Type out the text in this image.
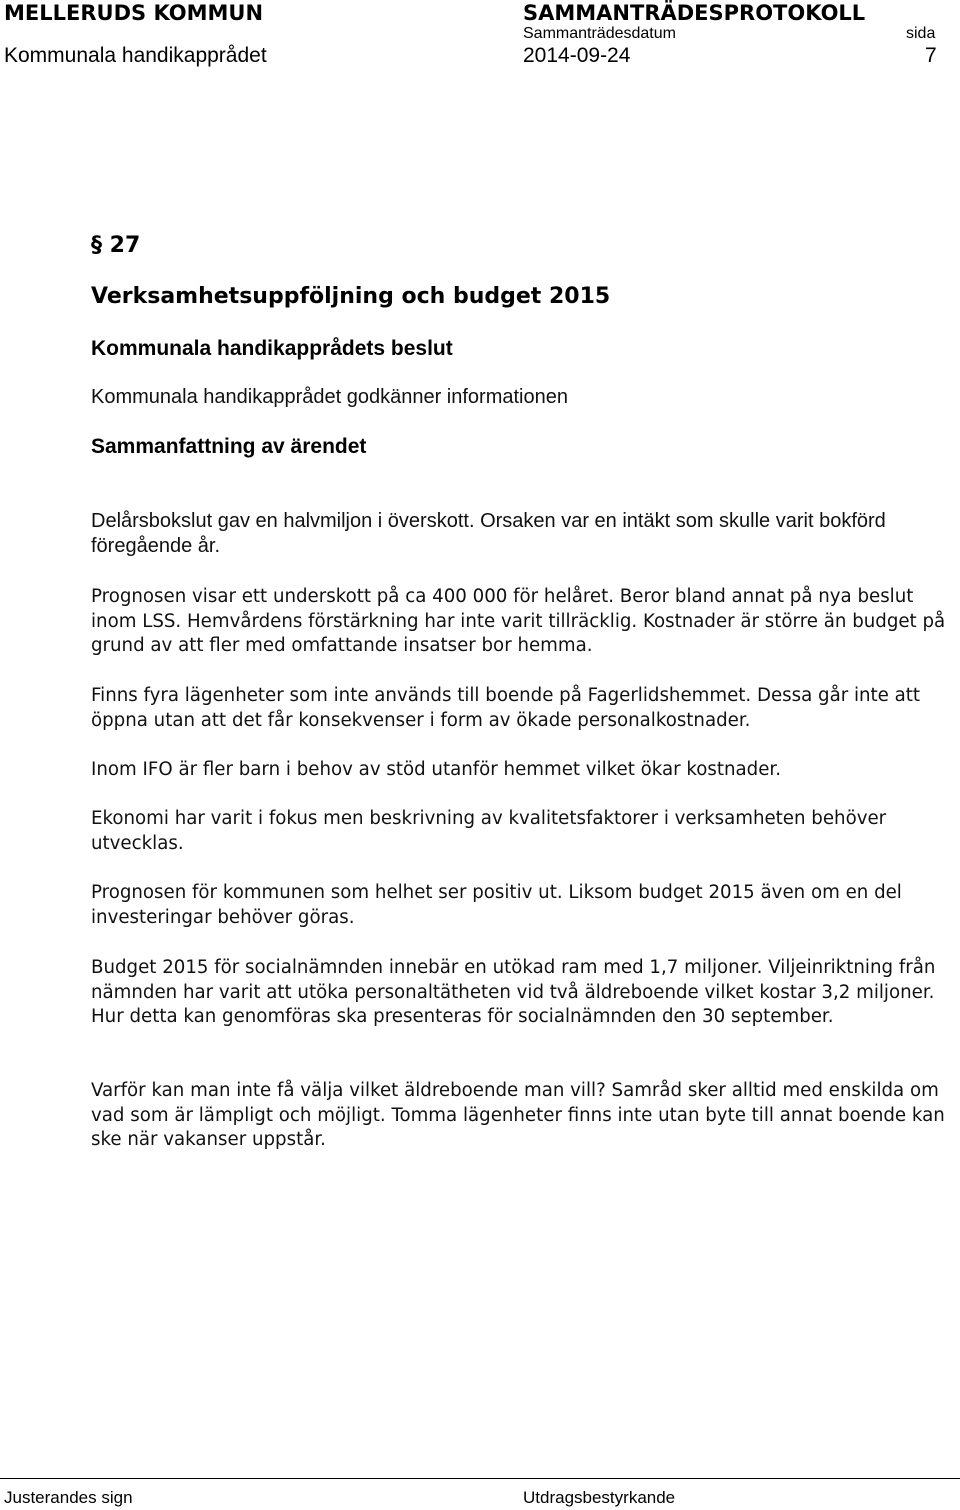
MELLERUDS KOMMUN	SAMMANTRÄDESPROTOKOLL
Sammanträdesdatum	sida
Kommunala handikapprådet	2014-09-24	7
§ 27
Verksamhetsuppföljning och budget 2015
Kommunala handikapprådets beslut
Kommunala handikapprådet godkänner informationen
Sammanfattning av ärendet

Delårsbokslut gav en halvmiljon i överskott. Orsaken var en intäkt som skulle varit bokförd föregående år.

Prognosen visar ett underskott på ca 400 000 för helåret. Beror bland annat på nya beslut inom LSS. Hemvårdens förstärkning har inte varit tillräcklig. Kostnader är större än budget på grund av att fler med omfattande insatser bor hemma.

Finns fyra lägenheter som inte används till boende på Fagerlidshemmet. Dessa går inte att öppna utan att det får konsekvenser i form av ökade personalkostnader.

Inom IFO är fler barn i behov av stöd utanför hemmet vilket ökar kostnader.

Ekonomi har varit i fokus men beskrivning av kvalitetsfaktorer i verksamheten behöver utvecklas.

Prognosen för kommunen som helhet ser positiv ut. Liksom budget 2015 även om en del investeringar behöver göras.

Budget 2015 för socialnämnden innebär en utökad ram med 1,7 miljoner. Viljeinriktning från nämnden har varit att utöka personaltätheten vid två äldreboende vilket kostar 3,2 miljoner. Hur detta kan genomföras ska presenteras för socialnämnden den 30 september.

Varför kan man inte få välja vilket äldreboende man vill? Samråd sker alltid med enskilda om vad som är lämpligt och möjligt. Tomma lägenheter finns inte utan byte till annat boende kan ske när vakanser uppstår.

Justerandes sign	Utdragsbestyrkande
